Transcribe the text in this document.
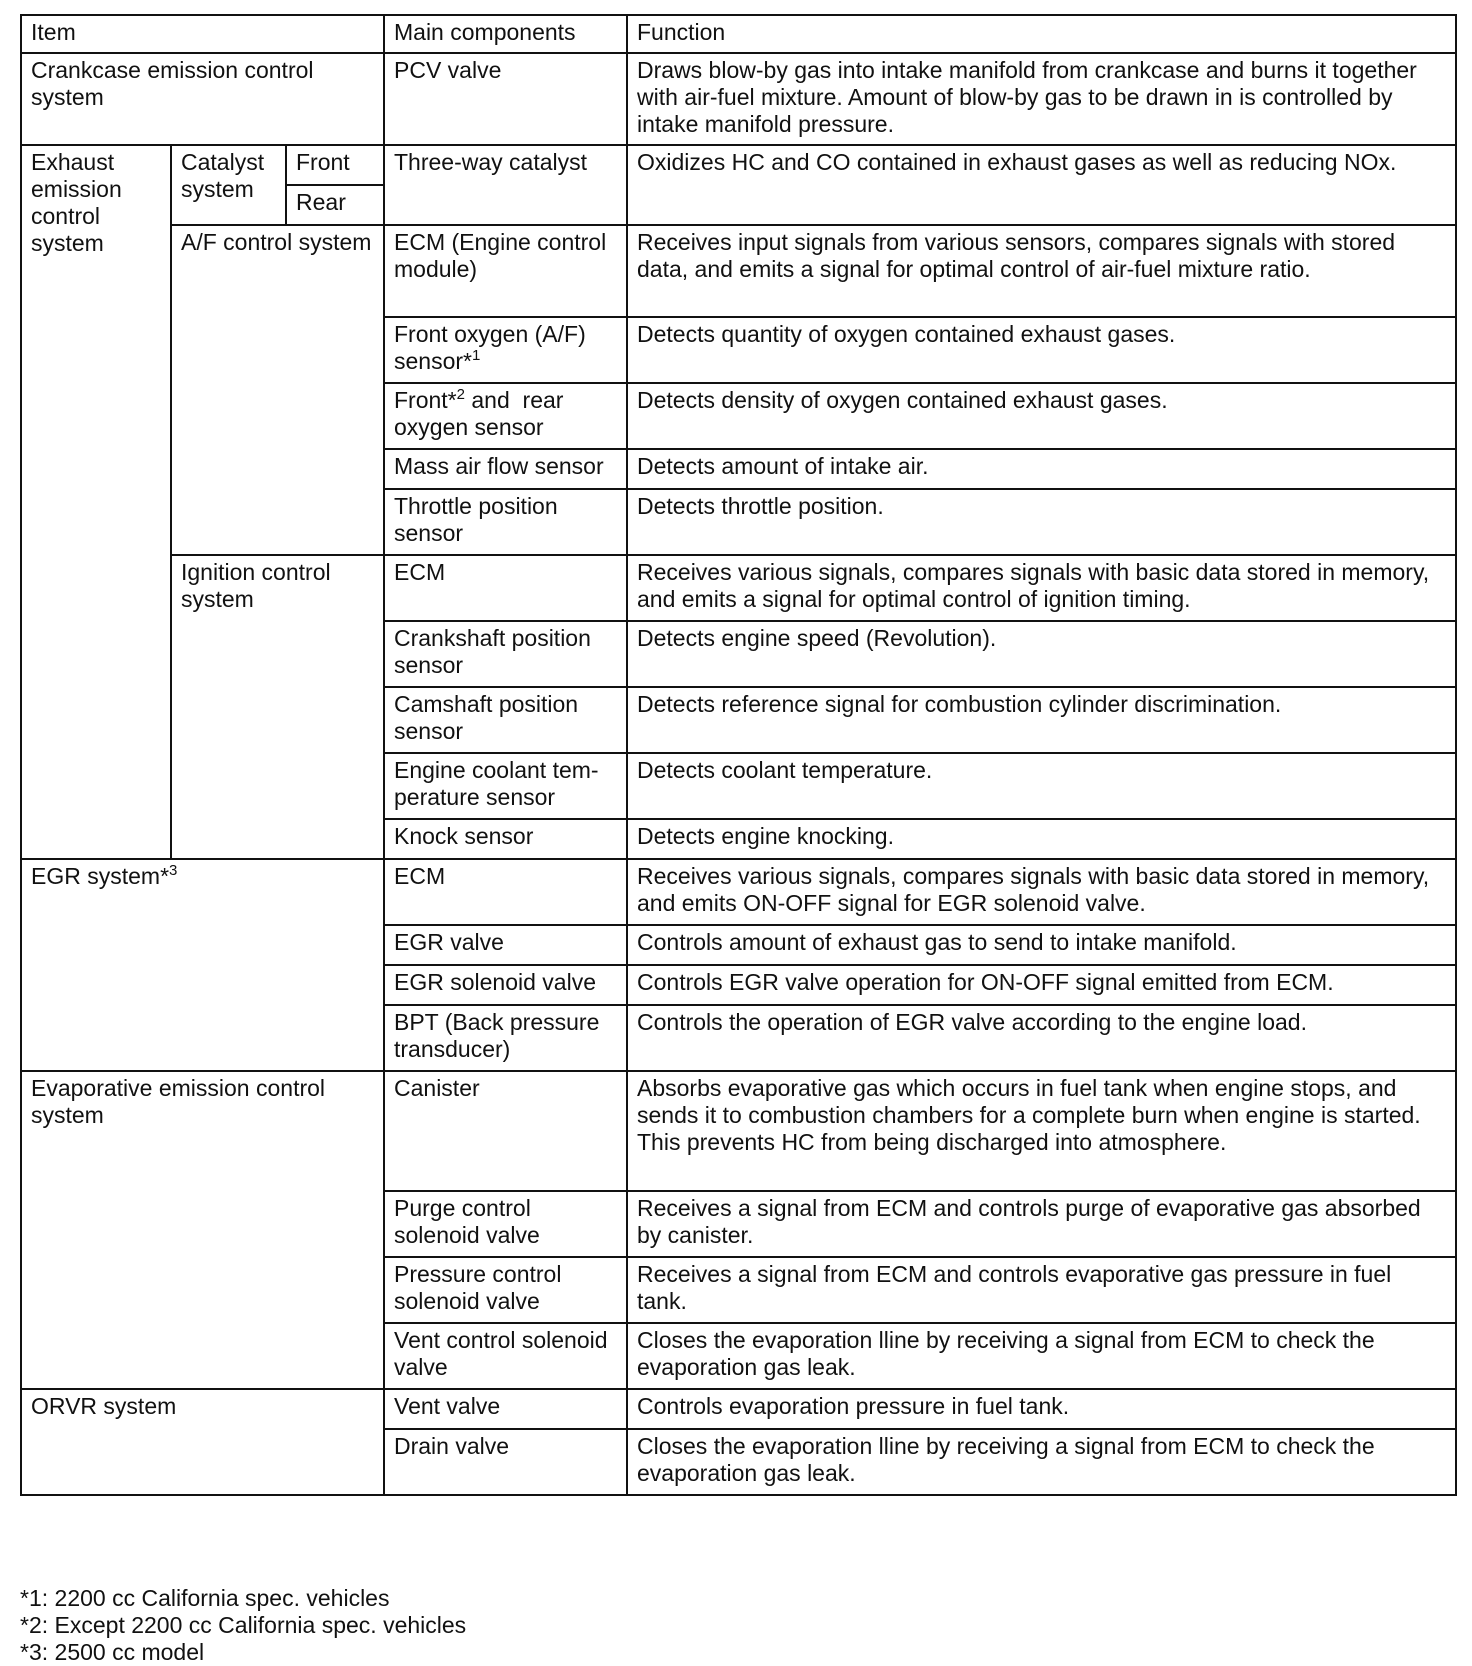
Item			Main components	Function
Crankcase emission control system			PCV valve	Draws blow-by gas into intake manifold from crankcase and burns it together with air-fuel mixture. Amount of blow-by gas to be drawn in is controlled by intake manifold pressure.
Exhaust emission control system	Catalyst system	Front	Three-way catalyst	Oxidizes HC and CO contained in exhaust gases as well as reducing NOx.
		Rear		
	A/F control system		ECM (Engine control module)	Receives input signals from various sensors, compares signals with stored data, and emits a signal for optimal control of air-fuel mixture ratio.
			Front oxygen (A/F) sensor*$^1$	Detects quantity of oxygen contained exhaust gases.
			Front*$^2$ and  rear oxygen sensor	Detects density of oxygen contained exhaust gases.
			Mass air flow sensor	Detects amount of intake air.
			Throttle position sensor	Detects throttle position.
	Ignition control system		ECM	Receives various signals, compares signals with basic data stored in memory, and emits a signal for optimal control of ignition timing.
			Crankshaft position sensor	Detects engine speed (Revolution).
			Camshaft position sensor	Detects reference signal for combustion cylinder discrimination.
			Engine coolant tem-perature sensor	Detects coolant temperature.
			Knock sensor	Detects engine knocking.
EGR system*$^3$			ECM	Receives various signals, compares signals with basic data stored in memory, and emits ON-OFF signal for EGR solenoid valve.
			EGR valve	Controls amount of exhaust gas to send to intake manifold.
			EGR solenoid valve	Controls EGR valve operation for ON-OFF signal emitted from ECM.
			BPT (Back pressure transducer)	Controls the operation of EGR valve according to the engine load.
Evaporative emission control system			Canister	Absorbs evaporative gas which occurs in fuel tank when engine stops, and sends it to combustion chambers for a complete burn when engine is started. This prevents HC from being discharged into atmosphere.
			Purge control solenoid valve	Receives a signal from ECM and controls purge of evaporative gas absorbed by canister.
			Pressure control solenoid valve	Receives a signal from ECM and controls evaporative gas pressure in fuel tank.
			Vent control solenoid valve	Closes the evaporation lline by receiving a signal from ECM to check the evaporation gas leak.
ORVR system			Vent valve	Controls evaporation pressure in fuel tank.
			Drain valve	Closes the evaporation lline by receiving a signal from ECM to check the evaporation gas leak.
*1: 2200 cc California spec. vehicles
*2: Except 2200 cc California spec. vehicles
*3: 2500 cc model
